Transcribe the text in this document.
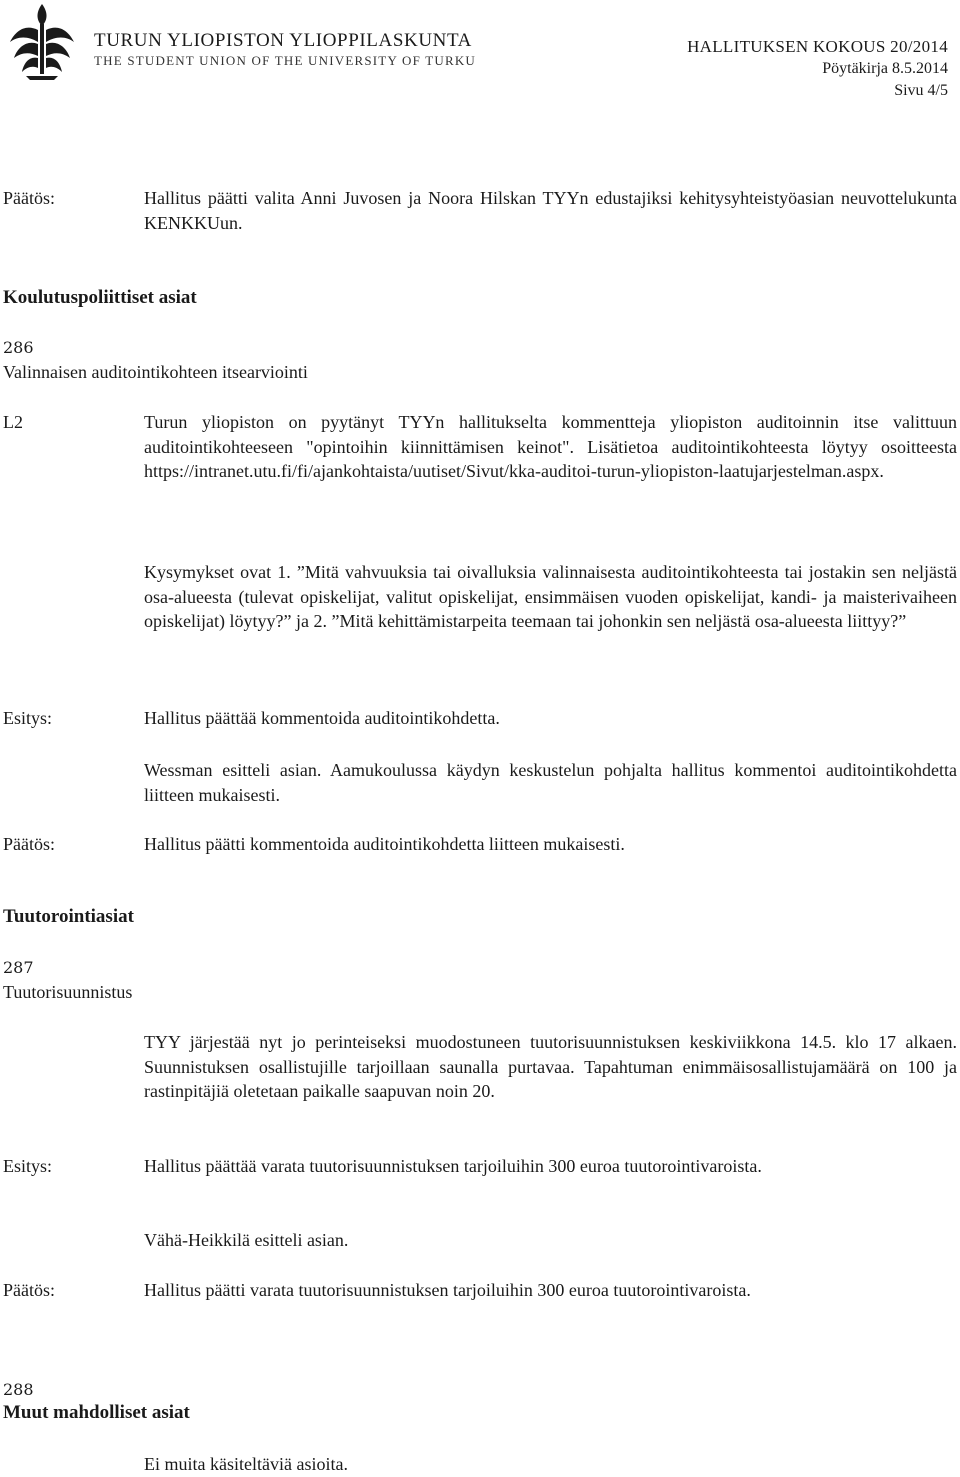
TURUN YLIOPISTON YLIOPPILASKUNTA
THE STUDENT UNION OF THE UNIVERSITY OF TURKU
HALLITUKSEN KOKOUS 20/2014
Pöytäkirja 8.5.2014
Sivu 4/5
Päätös:	Hallitus päätti valita Anni Juvosen ja Noora Hilskan TYYn edustajiksi kehitysyhteistyöasian neuvottelukunta KENKKUun.
Koulutuspoliittiset asiat
286
Valinnaisen auditointikohteen itsearviointi
L2	Turun yliopiston on pyytänyt TYYn hallitukselta kommentteja yliopiston auditoinnin itse valittuun auditointikohteeseen "opintoihin kiinnittämisen keinot". Lisätietoa auditointikohteesta löytyy osoitteesta https://intranet.utu.fi/fi/ajankohtaista/uutiset/Sivut/kka-auditoi-turun-yliopiston-laatujarjestelman.aspx.
Kysymykset ovat 1. ”Mitä vahvuuksia tai oivalluksia valinnaisesta auditointikohteesta tai jostakin sen neljästä osa-alueesta (tulevat opiskelijat, valitut opiskelijat, ensimmäisen vuoden opiskelijat, kandi- ja maisterivaiheen opiskelijat) löytyy?” ja 2. ”Mitä kehittämistarpeita teemaan tai johonkin sen neljästä osa-alueesta liittyy?”
Esitys:	Hallitus päättää kommentoida auditointikohdetta.
Wessman esitteli asian. Aamukoulussa käydyn keskustelun pohjalta hallitus kommentoi auditointikohdetta liitteen mukaisesti.
Päätös:	Hallitus päätti kommentoida auditointikohdetta liitteen mukaisesti.
Tuutorointiasiat
287
Tuutorisuunnistus
TYY järjestää nyt jo perinteiseksi muodostuneen tuutorisuunnistuksen keskiviikkona 14.5. klo 17 alkaen. Suunnistuksen osallistujille tarjoillaan saunalla purtavaa. Tapahtuman enimmäisosallistujamäärä on 100 ja rastinpitäjiä oletetaan paikalle saapuvan noin 20.
Esitys:	Hallitus päättää varata tuutorisuunnistuksen tarjoiluihin 300 euroa tuutorointivaroista.
Vähä-Heikkilä esitteli asian.
Päätös:	Hallitus päätti varata tuutorisuunnistuksen tarjoiluihin 300 euroa tuutorointivaroista.
288
Muut mahdolliset asiat
Ei muita käsiteltäviä asioita.
